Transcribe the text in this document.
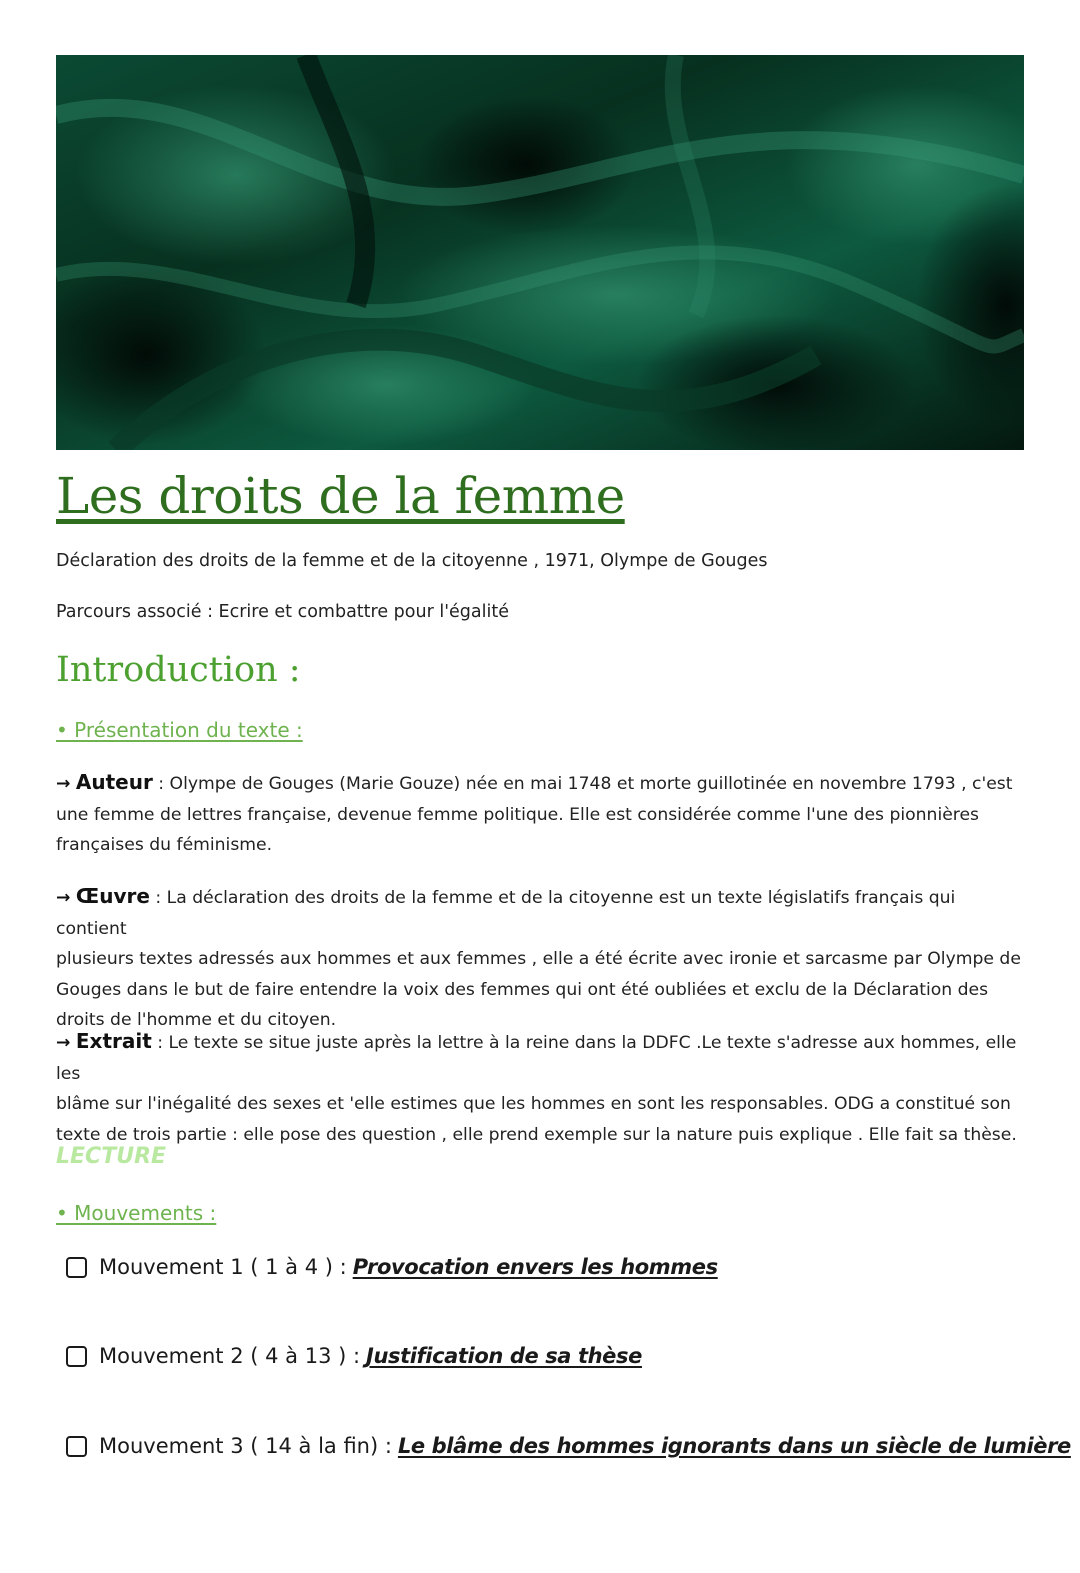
Les droits de la femme
Déclaration des droits de la femme et de la citoyenne , 1971, Olympe de Gouges
Parcours associé : Ecrire et combattre pour l'égalité
Introduction :
• Présentation du texte :
→ Auteur : Olympe de Gouges (Marie Gouze) née en mai 1748 et morte guillotinée en novembre 1793 , c'est
une femme de lettres française, devenue femme politique. Elle est considérée comme l'une des pionnières
françaises du féminisme.
→ Œuvre : La déclaration des droits de la femme et de la citoyenne est un texte législatifs français qui contient
plusieurs textes adressés aux hommes et aux femmes , elle a été écrite avec ironie et sarcasme par Olympe de
Gouges dans le but de faire entendre la voix des femmes qui ont été oubliées et exclu de la Déclaration des
droits de l'homme et du citoyen.
→ Extrait : Le texte se situe juste après la lettre à la reine dans la DDFC .Le texte s'adresse aux hommes, elle les
blâme sur l'inégalité des sexes et 'elle estimes que les hommes en sont les responsables. ODG a constitué son
texte de trois partie : elle pose des question , elle prend exemple sur la nature puis explique . Elle fait sa thèse.
LECTURE
• Mouvements :
Mouvement 1 ( 1 à 4 ) : Provocation envers les hommes
Mouvement 2 ( 4 à 13 ) : Justification de sa thèse
Mouvement 3 ( 14 à la fin) : Le blâme des hommes ignorants dans un siècle de lumière
